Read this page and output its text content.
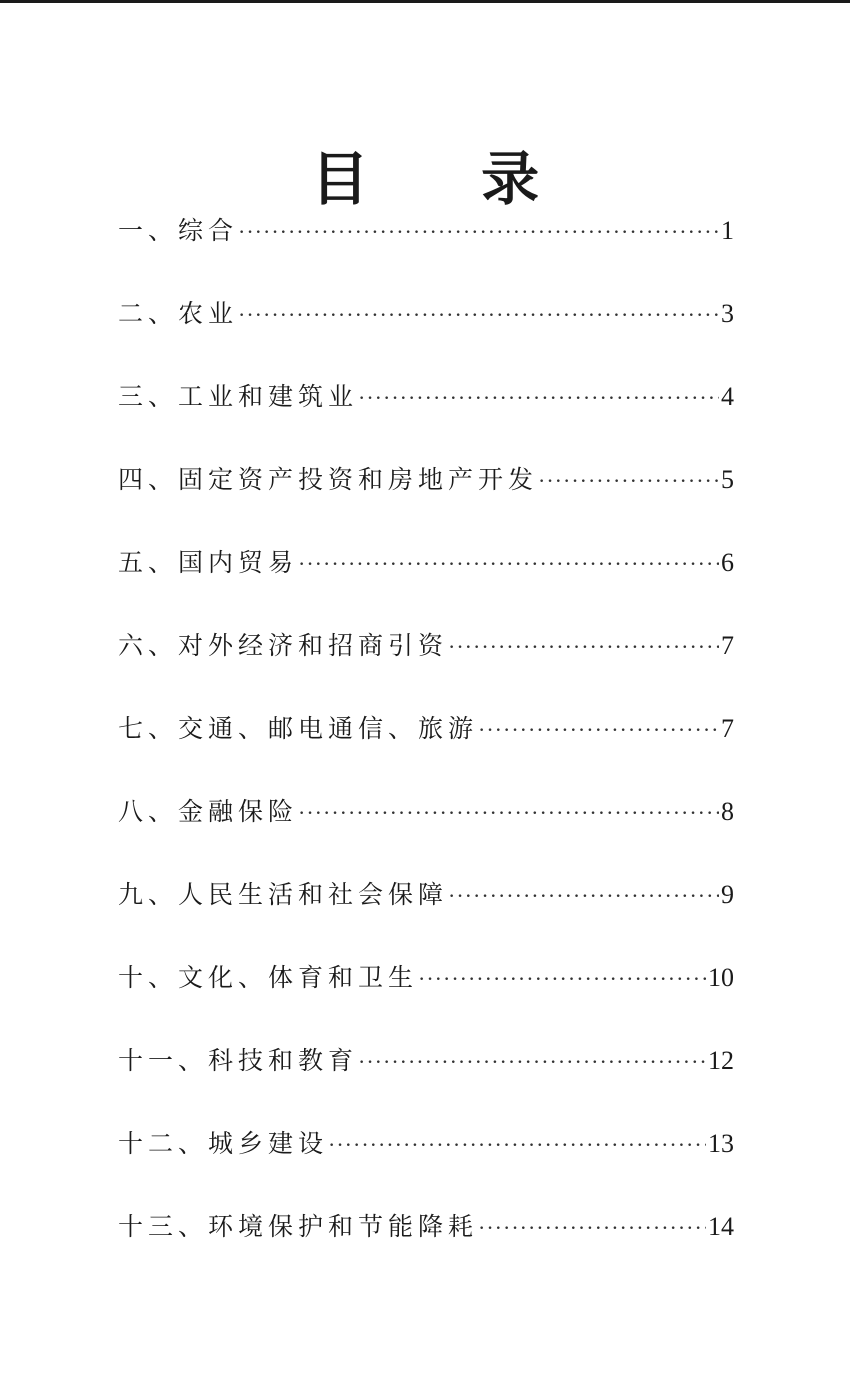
目 录
一、综合 ·····	1
二、农业 ·····	3
三、工业和建筑业 ·····	4
四、固定资产投资和房地产开发 ·····	5
五、国内贸易 ·····	6
六、对外经济和招商引资 ·····	7
七、交通、邮电通信、旅游 ·····	7
八、金融保险 ·····	8
九、人民生活和社会保障 ·····	9
十、文化、体育和卫生 ·····	10
十一、科技和教育 ·····	12
十二、城乡建设 ·····	13
十三、环境保护和节能降耗 ·····	14
